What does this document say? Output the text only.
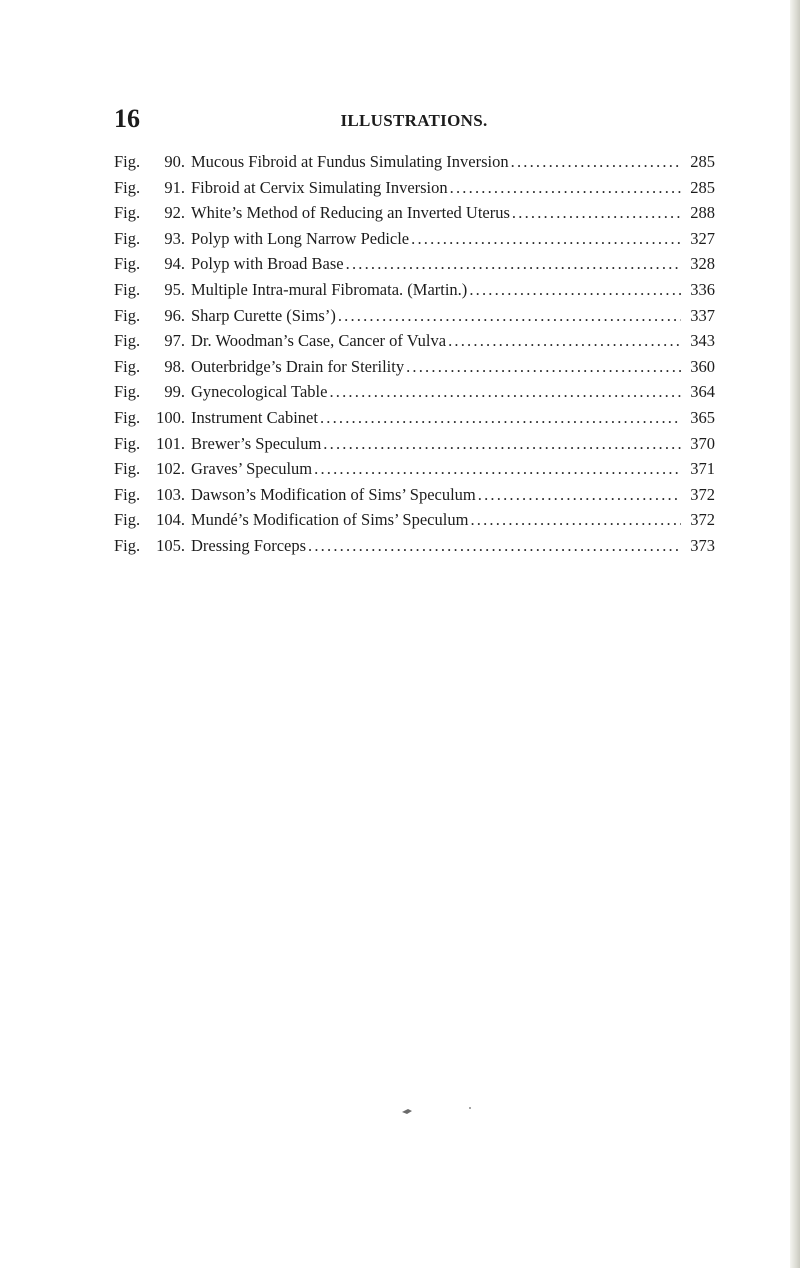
16	ILLUSTRATIONS.
Fig.	90. Mucous Fibroid at Fundus Simulating Inversion .....	285
Fig.	91. Fibroid at Cervix Simulating Inversion .....	285
Fig.	92. White’s Method of Reducing an Inverted Uterus .....	288
Fig.	93. Polyp with Long Narrow Pedicle .....	327
Fig.	94. Polyp with Broad Base .....	328
Fig.	95. Multiple Intra-mural Fibromata. (Martin.) .....	336
Fig.	96. Sharp Curette (Sims’) .....	337
Fig.	97. Dr. Woodman’s Case, Cancer of Vulva .....	343
Fig.	98. Outerbridge’s Drain for Sterility .....	360
Fig.	99. Gynecological Table .....	364
Fig. 100. Instrument Cabinet .....	365
Fig. 101. Brewer’s Speculum .....	370
Fig. 102. Graves’ Speculum .....	371
Fig. 103. Dawson’s Modification of Sims’ Speculum .....	372
Fig. 104. Mundé’s Modification of Sims’ Speculum .....	372
Fig. 105. Dressing Forceps .....	373
